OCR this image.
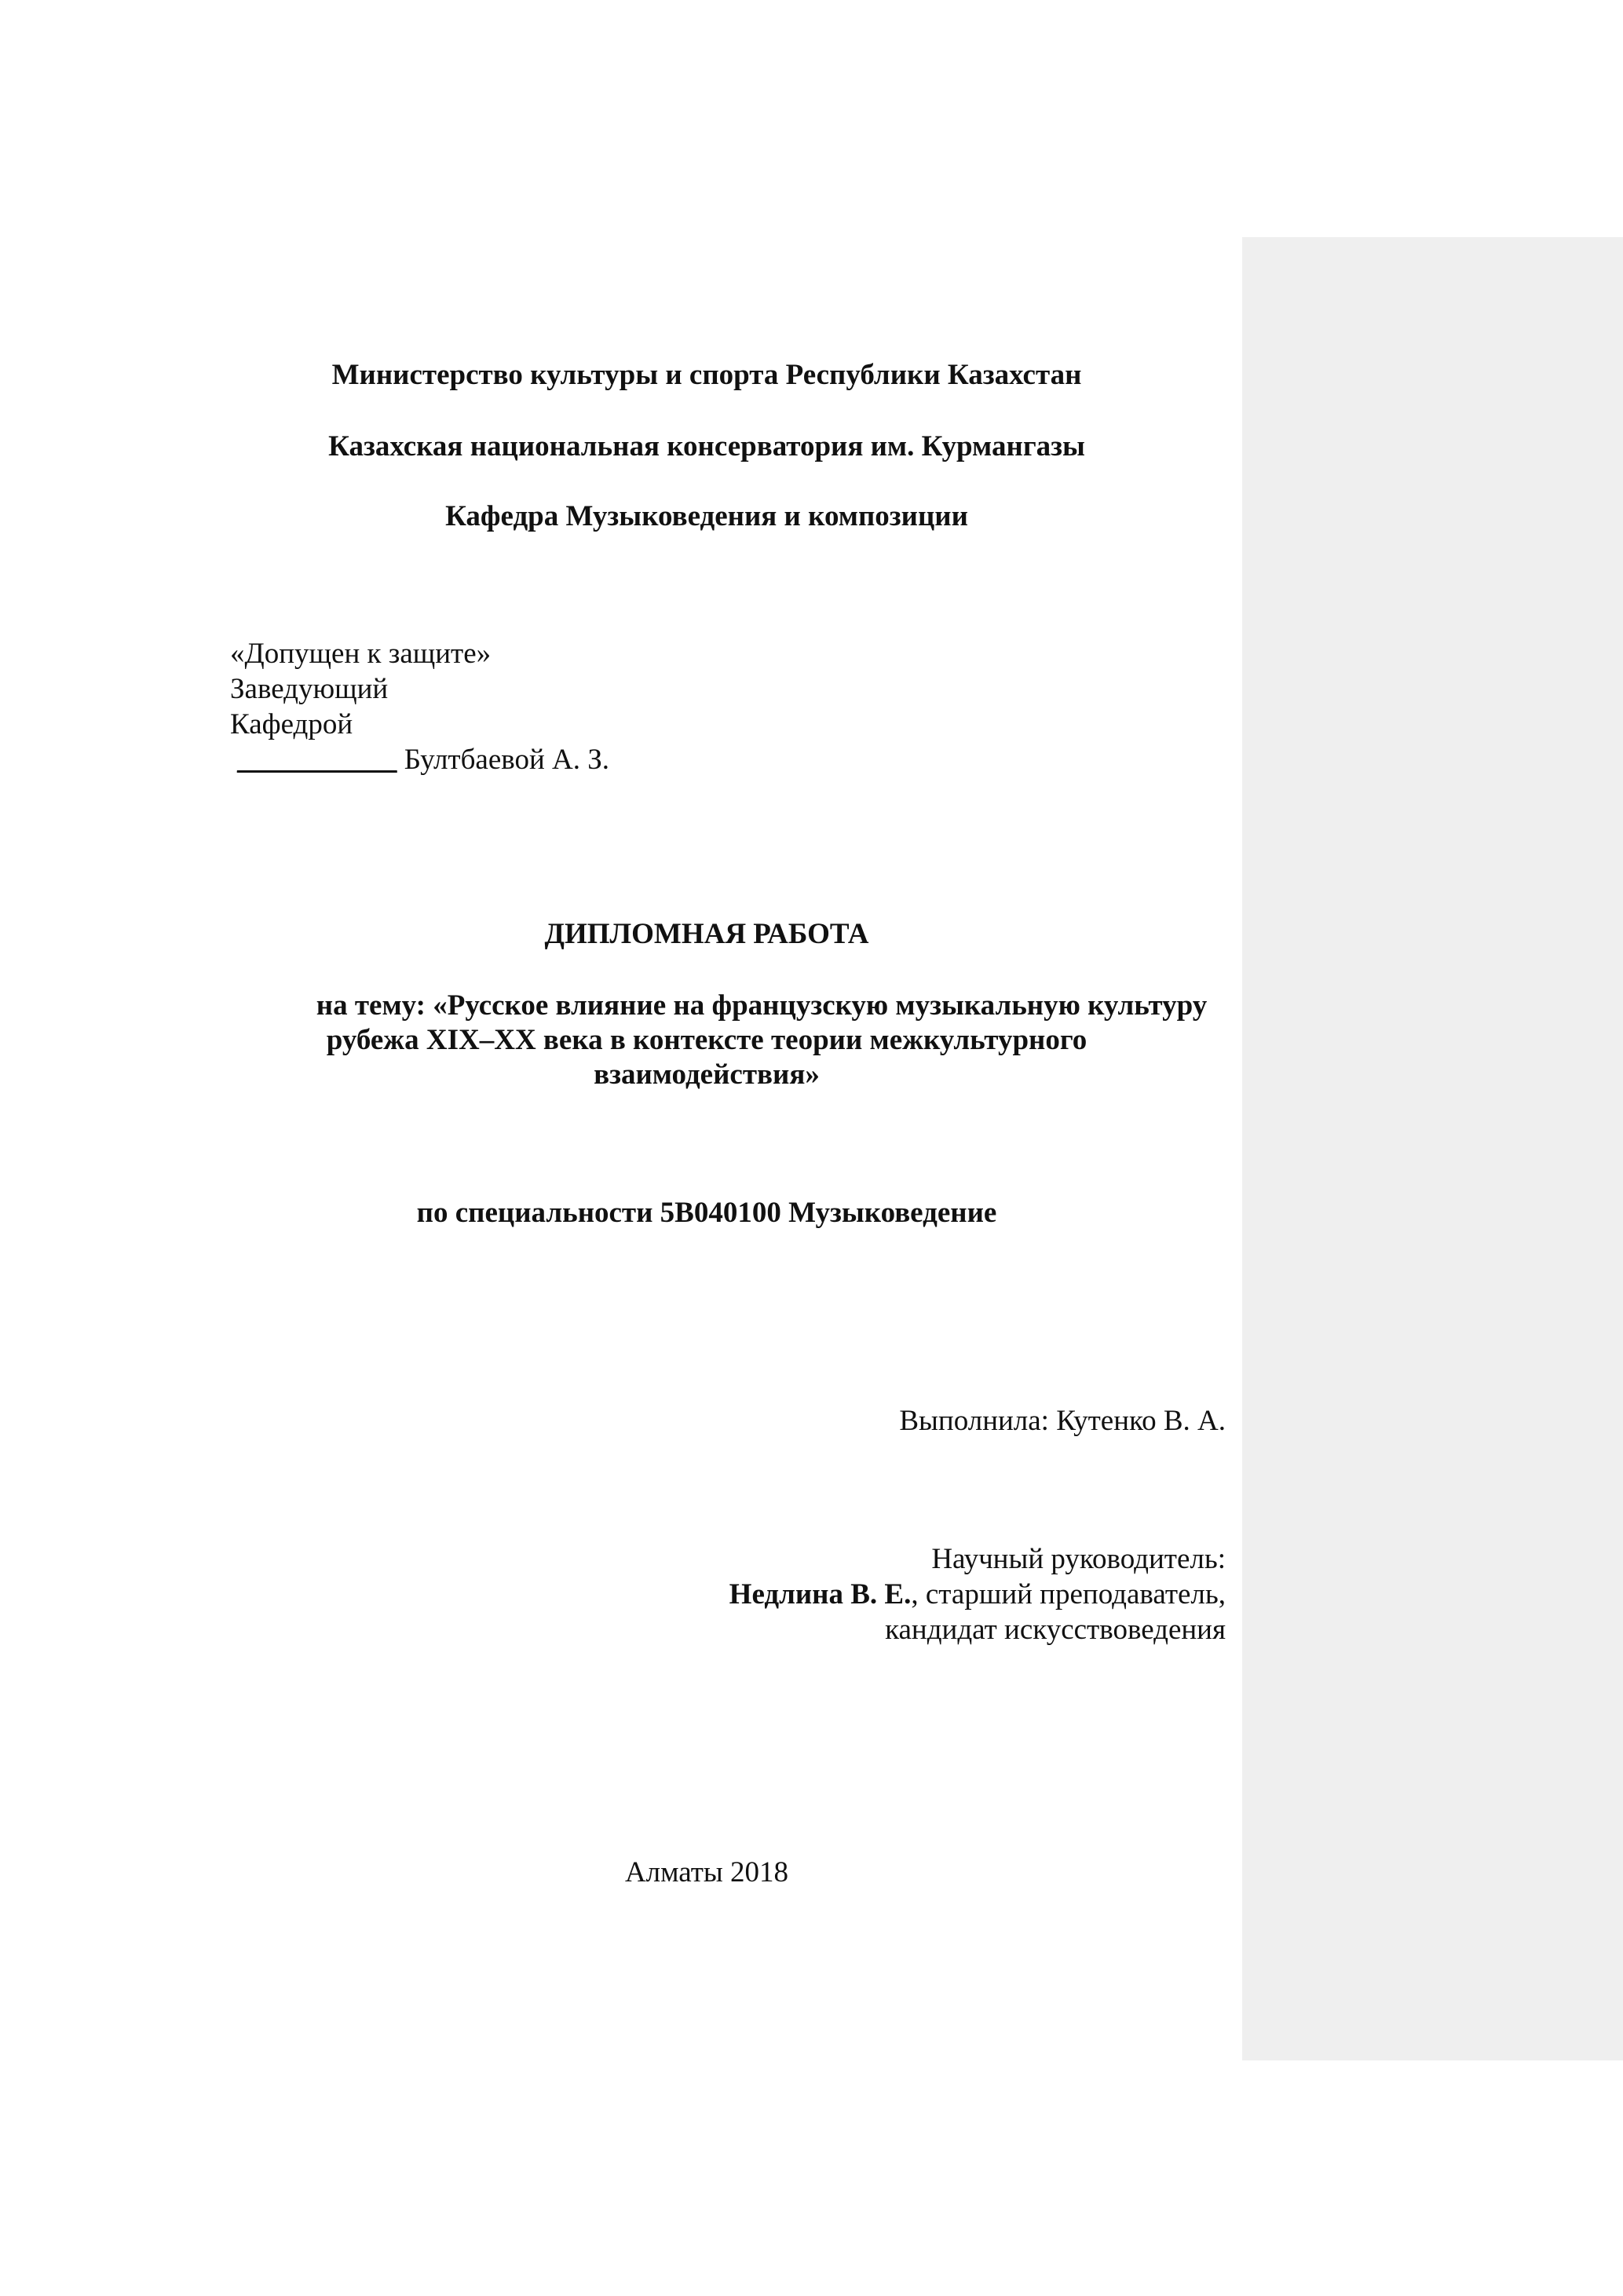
Министерство культуры и спорта Республики Казахстан
Казахская национальная консерватория им. Курмангазы
Кафедра Музыковедения и композиции
«Допущен к защите»
Заведующий
Кафедрой
___________ Бултбаевой А. З.
ДИПЛОМНАЯ РАБОТА
на тему: «Русское влияние на французскую музыкальную культуру
рубежа XIX–XX века в контексте теории межкультурного
взаимодействия»
по специальности 5В040100 Музыковедение
Выполнила: Кутенко В. А.
Научный руководитель:
Недлина В. Е., старший преподаватель,
кандидат искусствоведения
Алматы 2018
